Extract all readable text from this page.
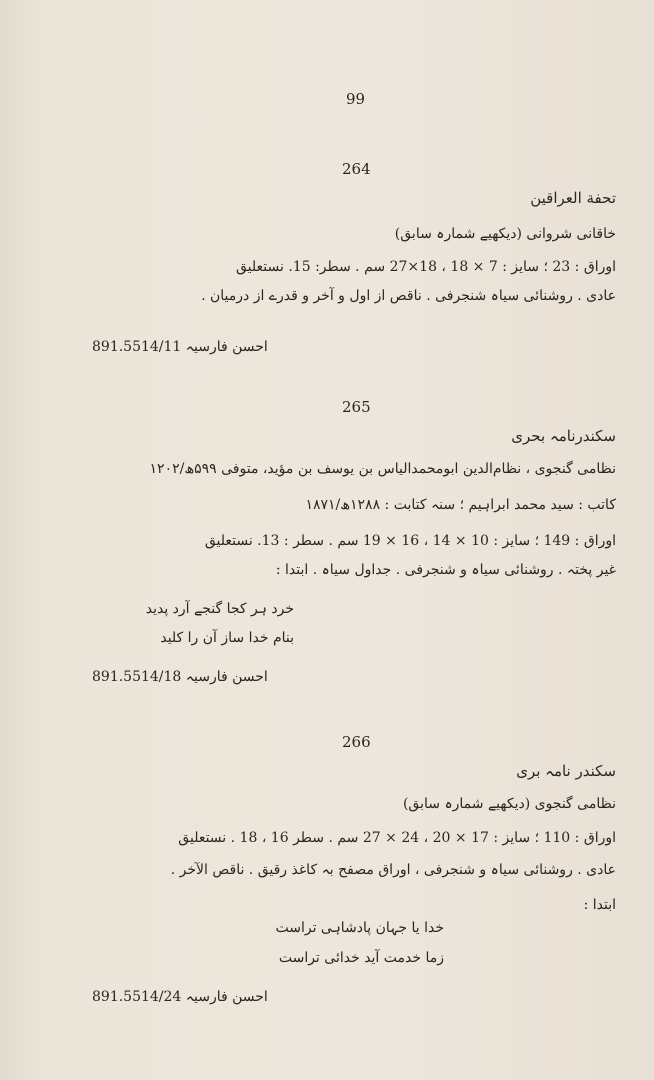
99
264
تحفة العراقين
خاقانی شروانی (دیکھیے شمارہ سابق)
اوراق : 23 ؛ سایز : 7 × 18 ، 18×27 سم . سطر: 15. نستعلیق
عادی . روشنائی سیاہ شنجرفی . ناقص از اول و آخر و قدرے از درمیان .
احسن فارسیہ 891.5514/11
265
سکندرنامہ بحری
نظامی گنجوی ، نظام‌الدین ابومحمدالیاس بن یوسف بن مؤید، متوفی ۵۹۹ھ/۱۲۰۲
کاتب : سید محمد ابراہیم ؛ سنہ کتابت : ۱۲۸۸ھ/۱۸۷۱
اوراق : 149 ؛ سایز : 10 × 14 ، 16 × 19 سم . سطر : 13. نستعلیق
غیر پختہ . روشنائی سیاہ و شنجرفی . جداول سیاہ . ابتدا :
خرد ہر کجا گنجے آرد پدید
بنام خدا ساز آن را کلید
احسن فارسیہ 891.5514/18
266
سکندر نامہ بری
نظامی گنجوی (دیکھیے شمارہ سابق)
اوراق : 110 ؛ سایز : 17 × 20 ، 24 × 27 سم . سطر 16 ، 18 . نستعلیق
عادی . روشنائی سیاہ و شنجرفی ، اوراق مصفح بہ کاغذ رقیق . ناقص الآخر .
ابتدا :
خدا یا جہان پادشاہی تراست
زما خدمت آید خدائی تراست
احسن فارسیہ 891.5514/24
